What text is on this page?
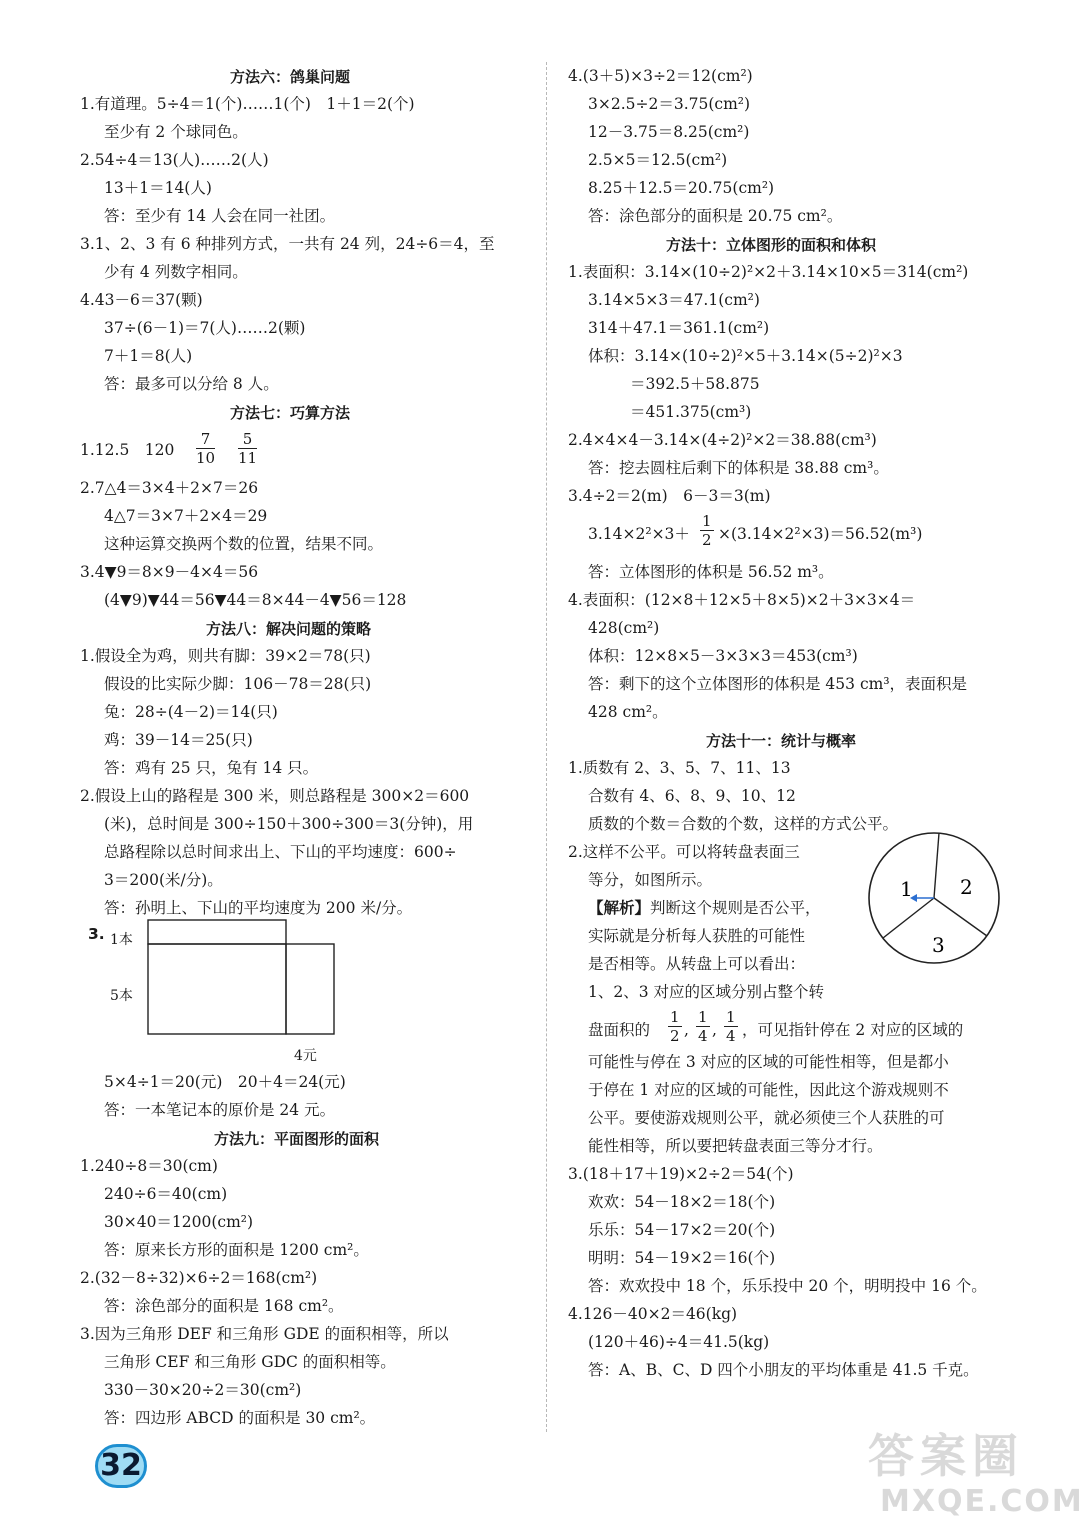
方法六：鸽巢问题
1.有道理。5÷4＝1(个)……1(个)　1＋1＝2(个)
至少有 2 个球同色。
2.54÷4＝13(人)……2(人)
13＋1＝14(人)
答：至少有 14 人会在同一社团。
3.1、2、3 有 6 种排列方式，一共有 24 列，24÷6＝4，至
少有 4 列数字相同。
4.43－6＝37(颗)
37÷(6－1)＝7(人)……2(颗)
7＋1＝8(人)
答：最多可以分给 8 人。
方法七：巧算方法
1.12.5　$120 \frac{7}{10} \frac{5}{11}$
2.7△4＝3×4＋2×7＝26
4△7＝3×7＋2×4＝29
这种运算交换两个数的位置，结果不同。
3.4▼9＝8×9－4×4＝56
(4▼9)▼44＝56▼44＝8×44－4▼56＝128
方法八：解决问题的策略
1.假设全为鸡，则共有脚：39×2＝78(只)
假设的比实际少脚：106－78＝28(只)
兔：28÷(4－2)＝14(只)
鸡：39－14＝25(只)
答：鸡有 25 只，兔有 14 只。
2.假设上山的路程是 300 米，则总路程是 300×2＝600
(米)，总时间是 300÷150＋300÷300＝3(分钟)，用
总路程除以总时间求出上、下山的平均速度：600÷
3＝200(米/分)。
答：孙明上、下山的平均速度为 200 米/分。
3. 1本
5本
4元
5×4÷1＝20(元)　20＋4＝24(元)
答：一本笔记本的原价是 24 元。
方法九：平面图形的面积
1.240÷8＝30(cm)
240÷6＝40(cm)
30×40＝1200(cm²)
答：原来长方形的面积是 1200 cm²。
2.(32－8÷32)×6÷2＝168(cm²)
答：涂色部分的面积是 168 cm²。
3.因为三角形 DEF 和三角形 GDE 的面积相等，所以
三角形 CEF 和三角形 GDC 的面积相等。
330－30×20÷2＝30(cm²)
答：四边形 ABCD 的面积是 30 cm²。
4.(3＋5)×3÷2＝12(cm²)
3×2.5÷2＝3.75(cm²)
12－3.75＝8.25(cm²)
2.5×5＝12.5(cm²)
8.25＋12.5＝20.75(cm²)
答：涂色部分的面积是 20.75 cm²。
方法十：立体图形的面积和体积
1.表面积：3.14×(10÷2)²×2＋3.14×10×5＝314(cm²)
3.14×5×3＝47.1(cm²)
314＋47.1＝361.1(cm²)
体积：3.14×(10÷2)²×5＋3.14×(5÷2)²×3
＝392.5＋58.875
＝451.375(cm³)
2.4×4×4－3.14×(4÷2)²×2＝38.88(cm³)
答：挖去圆柱后剩下的体积是 38.88 cm³。
3.4÷2＝2(m)　6－3＝3(m)
$3.14\times 2^2\times 3+ \frac{1}{2} \times(3.14\times 2^2\times 3)=56.52(m^3)$
答：立体图形的体积是 56.52 m³。
4.表面积：(12×8＋12×5＋8×5)×2＋3×3×4＝
428(cm²)
体积：12×8×5－3×3×3＝453(cm³)
答：剩下的这个立体图形的体积是 453 cm³，表面积是
428 cm²。
方法十一：统计与概率
1.质数有 2、3、5、7、11、13
合数有 4、6、8、9、10、12
质数的个数＝合数的个数，这样的方式公平。
2.这样不公平。可以将转盘表面三
等分，如图所示。
【解析】判断这个规则是否公平，
实际就是分析每人获胜的可能性
是否相等。从转盘上可以看出：
1、2、3 对应的区域分别占整个转
1 2
3
盘面积的 $\frac{1}{2}$ , $\frac{1}{4}$ , $\frac{1}{4}$ ，可见指针停在 2 对应的区域的
可能性与停在 3 对应的区域的可能性相等，但是都小
于停在 1 对应的区域的可能性，因此这个游戏规则不
公平。要使游戏规则公平，就必须使三个人获胜的可
能性相等，所以要把转盘表面三等分才行。
3.(18＋17＋19)×2÷2＝54(个)
欢欢：54－18×2＝18(个)
乐乐：54－17×2＝20(个)
明明：54－19×2＝16(个)
答：欢欢投中 18 个，乐乐投中 20 个，明明投中 16 个。
4.126－40×2＝46(kg)
(120＋46)÷4＝41.5(kg)
答：A、B、C、D 四个小朋友的平均体重是 41.5 千克。
32	答案圈
MXQE.COM
